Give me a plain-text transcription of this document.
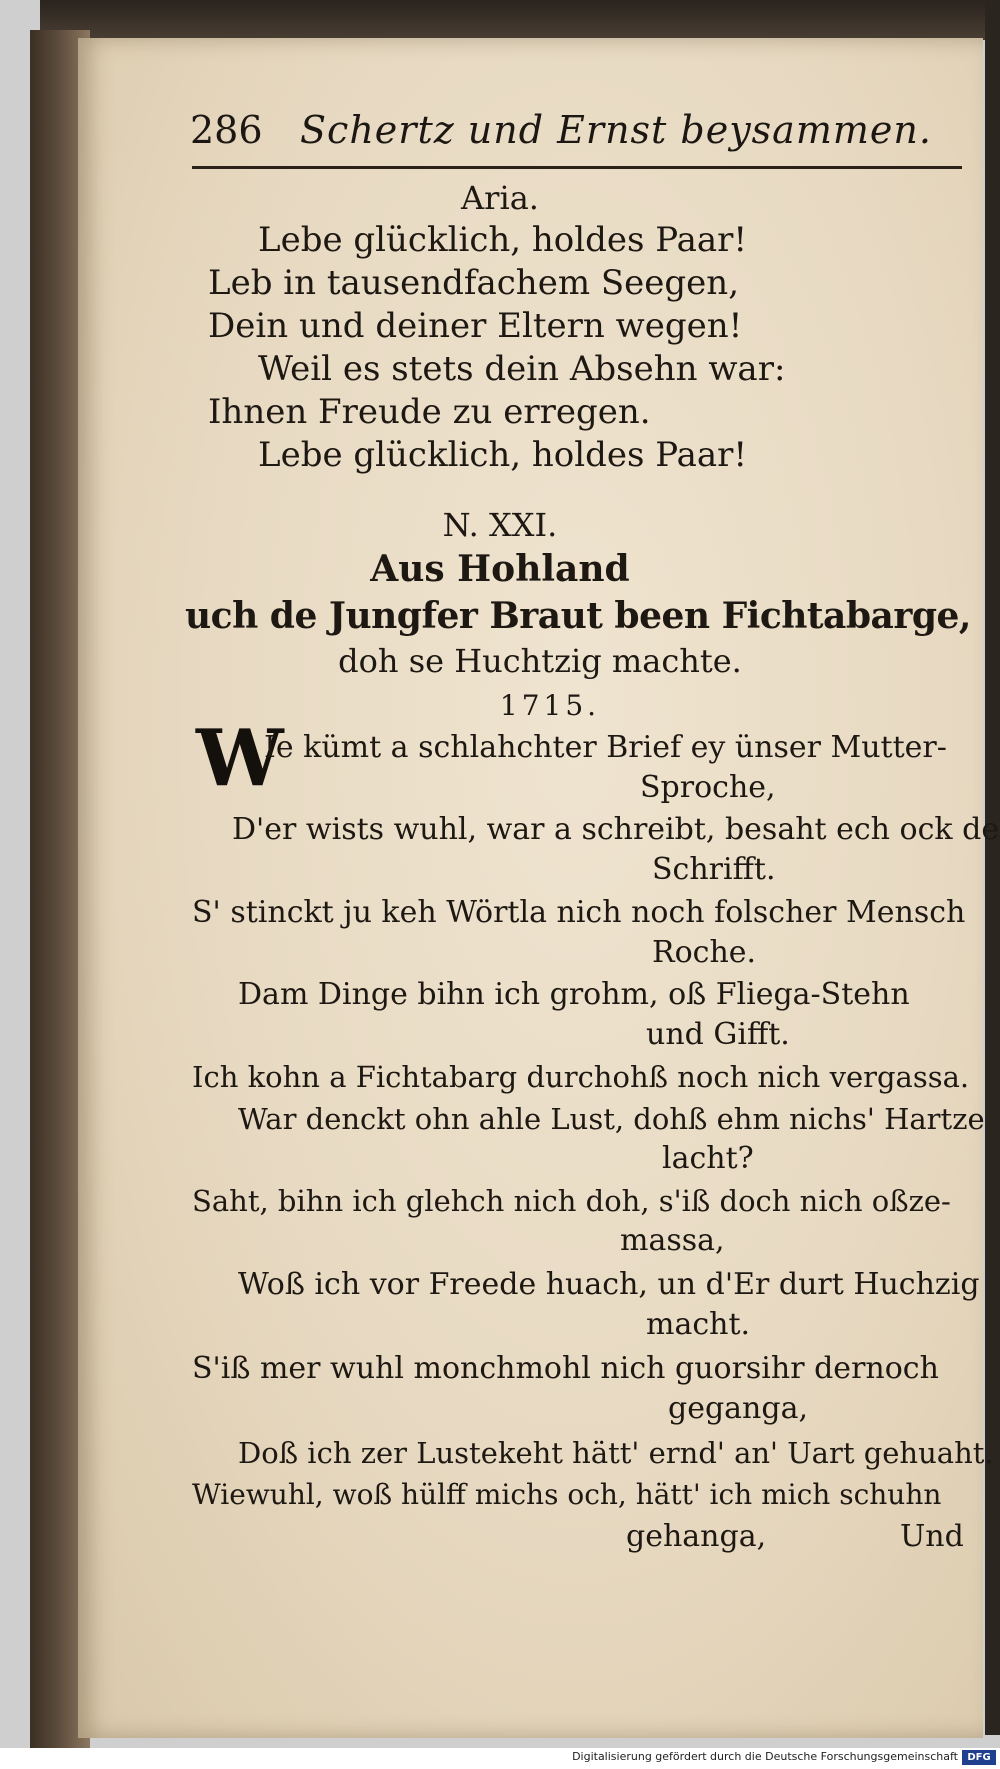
286 Schertz und Ernst beysammen.
Aria.
Lebe glücklich, holdes Paar!
Leb in tausendfachem Seegen,
Dein und deiner Eltern wegen!
Weil es stets dein Absehn war:
Ihnen Freude zu erregen.
Lebe glücklich, holdes Paar!
N. XXI.
Aus Hohland
uch de Jungfer Braut been Fichtabarge,
doh se Huchtzig machte.
1715.
W
Ie kümt a schlahchter Brief ey ünser Mutter-
Sproche,
D'er wists wuhl, war a schreibt, besaht ech ock de
Schrifft.
S' stinckt ju keh Wörtla nich noch folscher Mensch
Roche.
Dam Dinge bihn ich grohm, oß Fliega-Stehn
und Gifft.
Ich kohn a Fichtabarg durchohß noch nich vergassa.
War denckt ohn ahle Lust, dohß ehm nichs' Hartze
lacht?
Saht, bihn ich glehch nich doh, s'iß doch nich oßze-
massa,
Woß ich vor Freede huach, un d'Er durt Huchzig
macht.
S'iß mer wuhl monchmohl nich guorsihr dernoch
geganga,
Doß ich zer Lustekeht hätt' ernd' an' Uart gehuaht.
Wiewuhl, woß hülff michs och, hätt' ich mich schuhn
gehanga,	Und
Digitalisierung gefördert durch die Deutsche Forschungsgemeinschaft DFG
